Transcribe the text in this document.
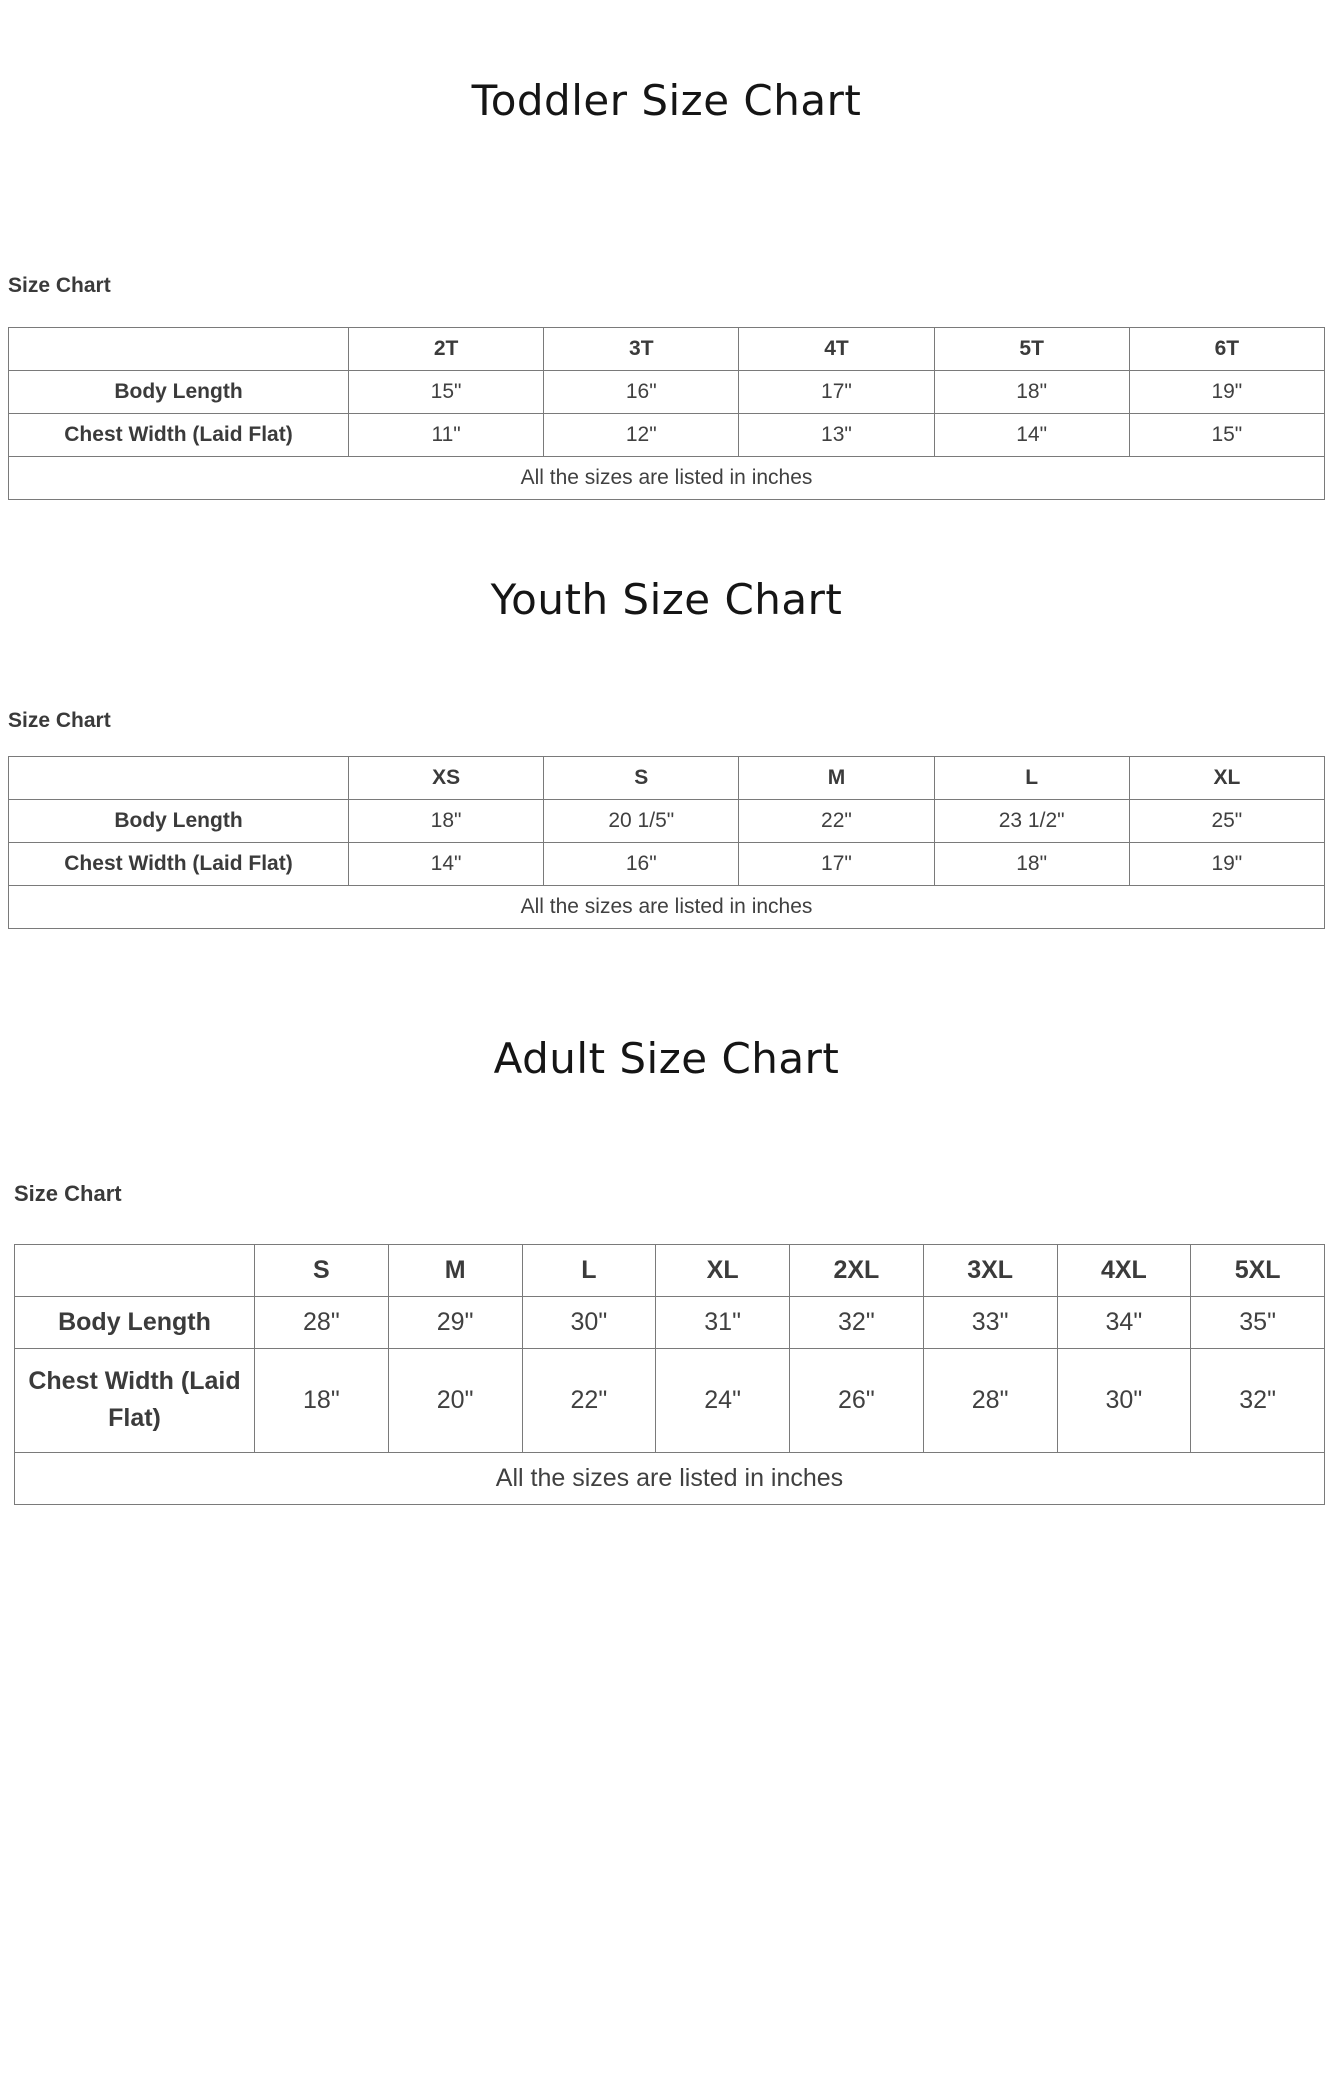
Toddler Size Chart

Size Chart

	2T	3T	4T	5T	6T
Body Length	15"	16"	17"	18"	19"
Chest Width (Laid Flat)	11"	12"	13"	14"	15"
All the sizes are listed in inches					
Youth Size Chart

Size Chart

	XS	S	M	L	XL
Body Length	18"	20 1/5"	22"	23 1/2"	25"
Chest Width (Laid Flat)	14"	16"	17"	18"	19"
All the sizes are listed in inches					
Adult Size Chart

Size Chart

	S	M	L	XL	2XL	3XL	4XL	5XL
Body Length	28"	29"	30"	31"	32"	33"	34"	35"
Chest Width (Laid Flat)	18"	20"	22"	24"	26"	28"	30"	32"
All the sizes are listed in inches								
